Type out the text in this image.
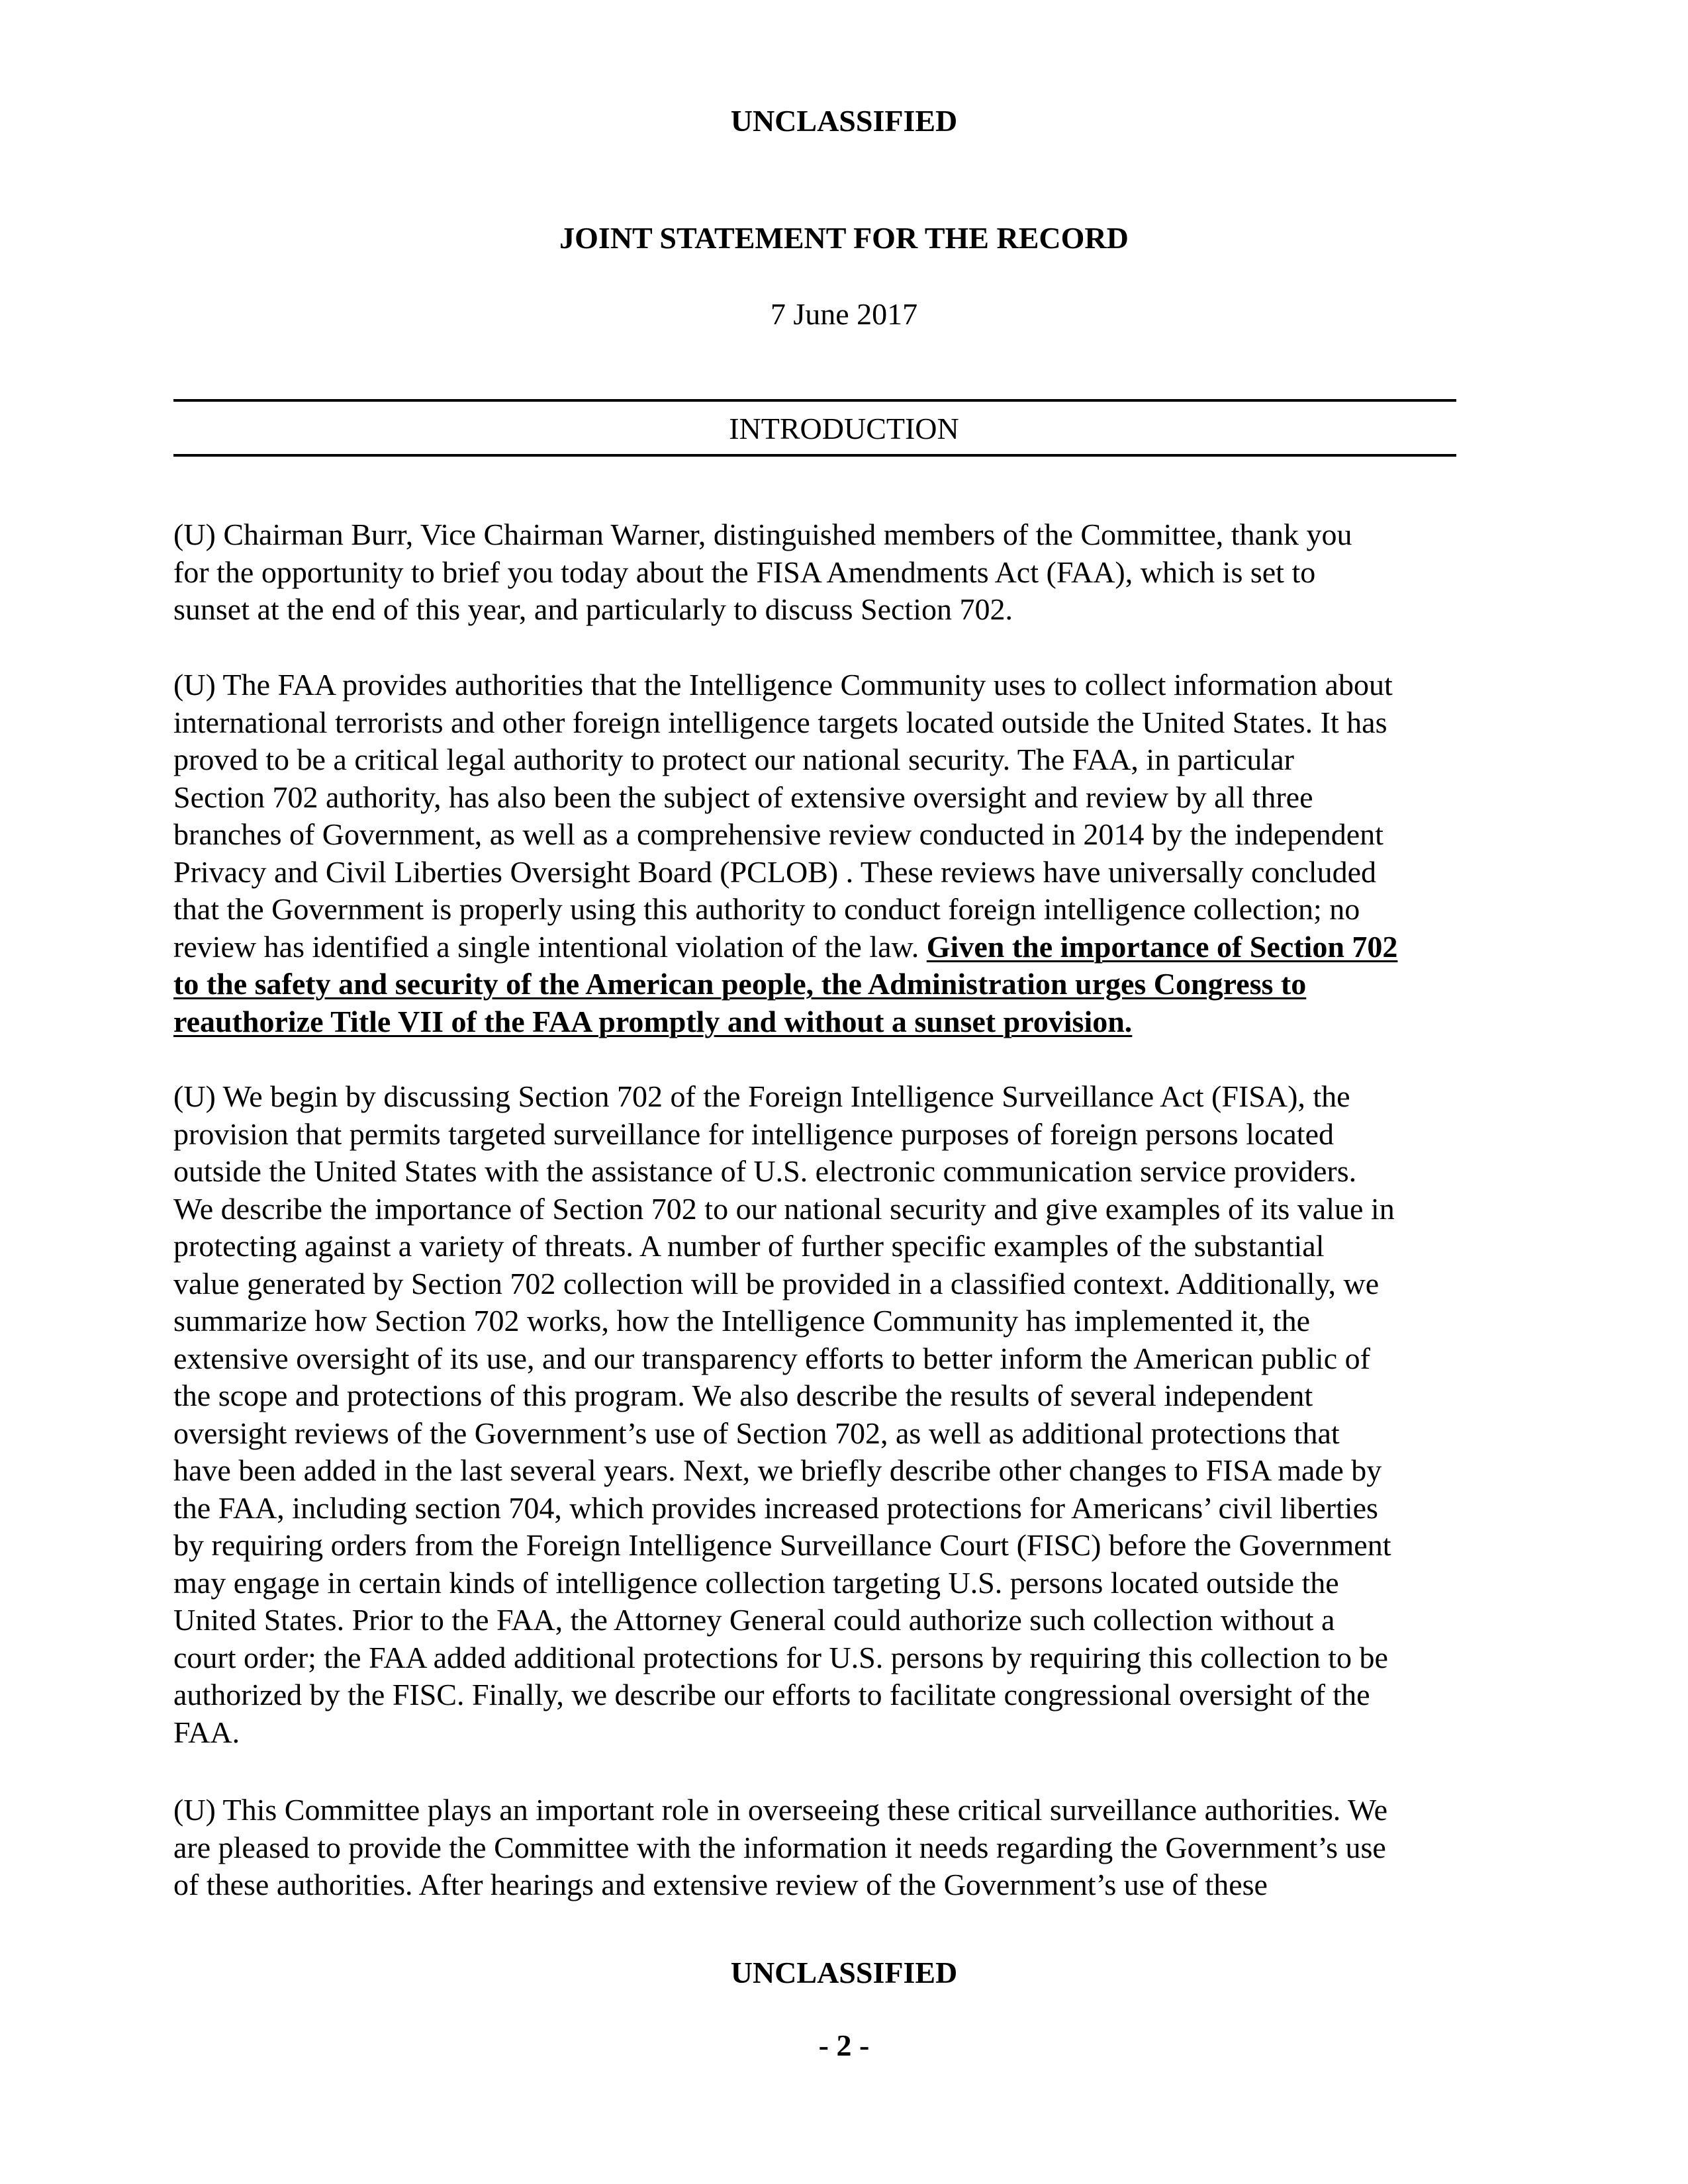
UNCLASSIFIED
JOINT STATEMENT FOR THE RECORD
7 June 2017
INTRODUCTION
(U) Chairman Burr, Vice Chairman Warner, distinguished members of the Committee, thank you
for the opportunity to brief you today about the FISA Amendments Act (FAA), which is set to
sunset at the end of this year, and particularly to discuss Section 702.
(U) The FAA provides authorities that the Intelligence Community uses to collect information about
international terrorists and other foreign intelligence targets located outside the United States. It has
proved to be a critical legal authority to protect our national security. The FAA, in particular
Section 702 authority, has also been the subject of extensive oversight and review by all three
branches of Government, as well as a comprehensive review conducted in 2014 by the independent
Privacy and Civil Liberties Oversight Board (PCLOB) . These reviews have universally concluded
that the Government is properly using this authority to conduct foreign intelligence collection; no
review has identified a single intentional violation of the law. Given the importance of Section 702
to the safety and security of the American people, the Administration urges Congress to
reauthorize Title VII of the FAA promptly and without a sunset provision.
(U) We begin by discussing Section 702 of the Foreign Intelligence Surveillance Act (FISA), the
provision that permits targeted surveillance for intelligence purposes of foreign persons located
outside the United States with the assistance of U.S. electronic communication service providers.
We describe the importance of Section 702 to our national security and give examples of its value in
protecting against a variety of threats. A number of further specific examples of the substantial
value generated by Section 702 collection will be provided in a classified context. Additionally, we
summarize how Section 702 works, how the Intelligence Community has implemented it, the
extensive oversight of its use, and our transparency efforts to better inform the American public of
the scope and protections of this program. We also describe the results of several independent
oversight reviews of the Government’s use of Section 702, as well as additional protections that
have been added in the last several years. Next, we briefly describe other changes to FISA made by
the FAA, including section 704, which provides increased protections for Americans’ civil liberties
by requiring orders from the Foreign Intelligence Surveillance Court (FISC) before the Government
may engage in certain kinds of intelligence collection targeting U.S. persons located outside the
United States. Prior to the FAA, the Attorney General could authorize such collection without a
court order; the FAA added additional protections for U.S. persons by requiring this collection to be
authorized by the FISC. Finally, we describe our efforts to facilitate congressional oversight of the
FAA.
(U) This Committee plays an important role in overseeing these critical surveillance authorities. We
are pleased to provide the Committee with the information it needs regarding the Government’s use
of these authorities. After hearings and extensive review of the Government’s use of these
UNCLASSIFIED
- 2 -
